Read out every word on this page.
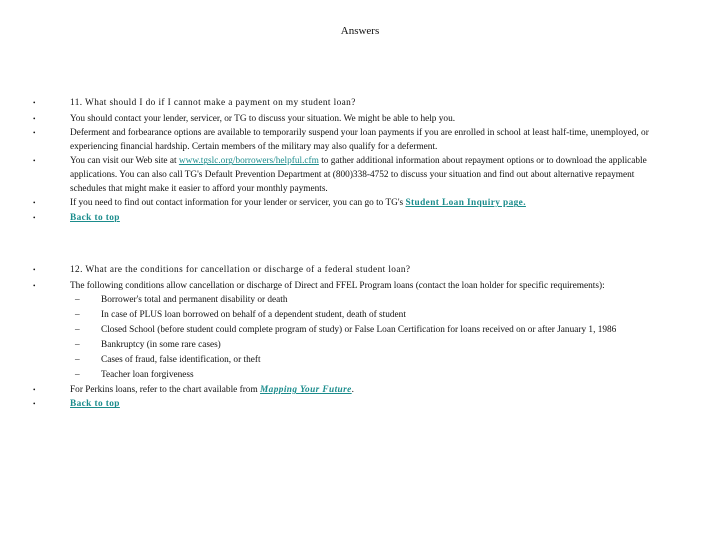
Answers
• 11. What should I do if I cannot make a payment on my student loan?
• You should contact your lender, servicer, or TG to discuss your situation. We might be able to help you.
• Deferment and forbearance options are available to temporarily suspend your loan payments if you are enrolled in school at least half-time, unemployed, or experiencing financial hardship. Certain members of the military may also qualify for a deferment.
• You can visit our Web site at www.tgslc.org/borrowers/helpful.cfm to gather additional information about repayment options or to download the applicable applications. You can also call TG's Default Prevention Department at (800)338-4752 to discuss your situation and find out about alternative repayment schedules that might make it easier to afford your monthly payments.
• If you need to find out contact information for your lender or servicer, you can go to TG's Student Loan Inquiry page.
• Back to top
• 12. What are the conditions for cancellation or discharge of a federal student loan?
• The following conditions allow cancellation or discharge of Direct and FFEL Program loans (contact the loan holder for specific requirements):
– Borrower's total and permanent disability or death
– In case of PLUS loan borrowed on behalf of a dependent student, death of student
– Closed School (before student could complete program of study) or False Loan Certification for loans received on or after January 1, 1986
– Bankruptcy (in some rare cases)
– Cases of fraud, false identification, or theft
– Teacher loan forgiveness
• For Perkins loans, refer to the chart available from Mapping Your Future.
• Back to top
